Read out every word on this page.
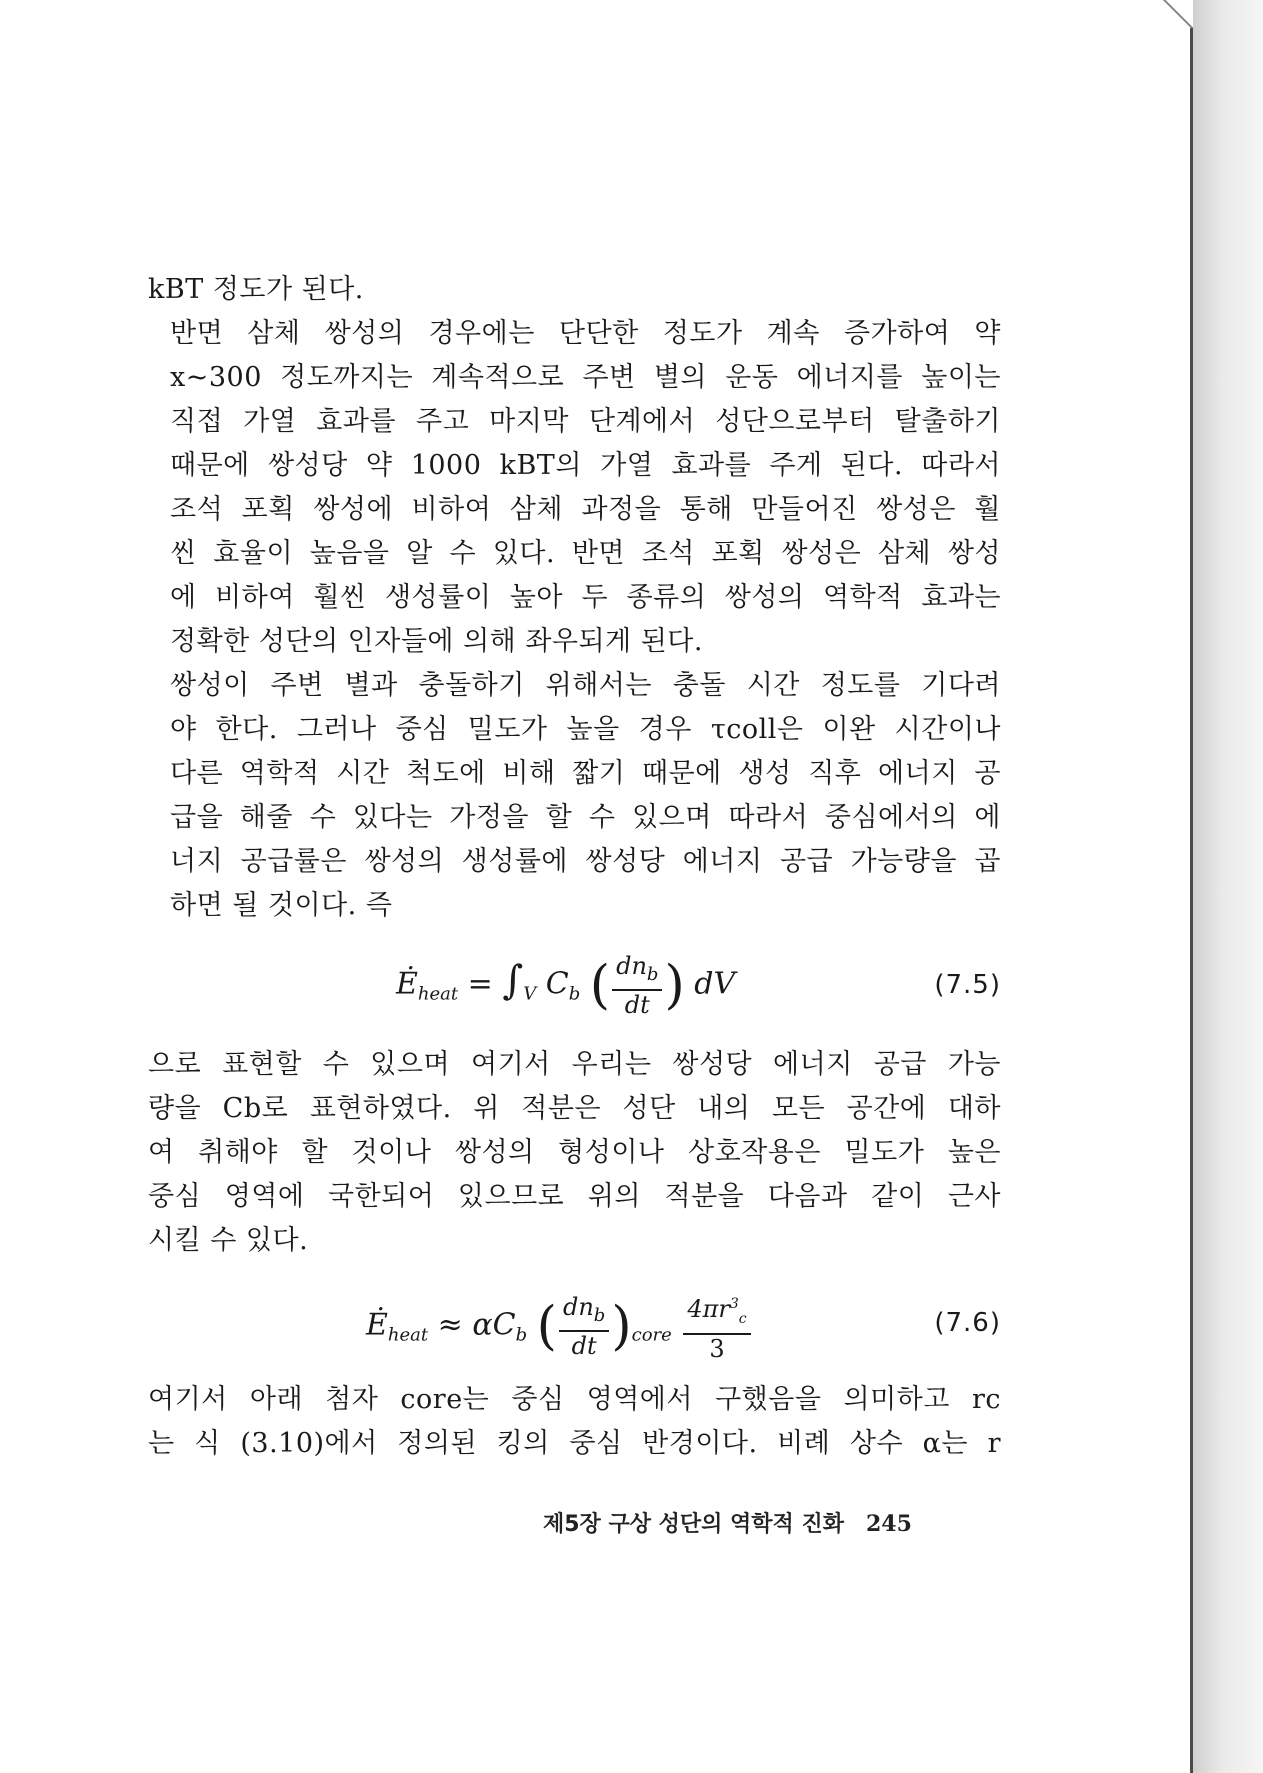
kBT 정도가 된다.

반면 삼체 쌍성의 경우에는 단단한 정도가 계속 증가하여 약
x~300 정도까지는 계속적으로 주변 별의 운동 에너지를 높이는
직접 가열 효과를 주고 마지막 단계에서 성단으로부터 탈출하기
때문에 쌍성당 약 1000 kBT의 가열 효과를 주게 된다. 따라서
조석 포획 쌍성에 비하여 삼체 과정을 통해 만들어진 쌍성은 훨
씬 효율이 높음을 알 수 있다. 반면 조석 포획 쌍성은 삼체 쌍성
에 비하여 훨씬 생성률이 높아 두 종류의 쌍성의 역학적 효과는
정확한 성단의 인자들에 의해 좌우되게 된다.

쌍성이 주변 별과 충돌하기 위해서는 충돌 시간 정도를 기다려
야 한다. 그러나 중심 밀도가 높을 경우 τcoll은 이완 시간이나
다른 역학적 시간 척도에 비해 짧기 때문에 생성 직후 에너지 공
급을 해줄 수 있다는 가정을 할 수 있으며 따라서 중심에서의 에
너지 공급률은 쌍성의 생성률에 쌍성당 에너지 공급 가능량을 곱
하면 될 것이다. 즉

$Ė_{heat} = \int_V$ $C_b$ ( $\frac{dn_b}{dt}$ ) dV	(7.5)

으로 표현할 수 있으며 여기서 우리는 쌍성당 에너지 공급 가능
량을 Cb로 표현하였다. 위 적분은 성단 내의 모든 공간에 대하
여 취해야 할 것이나 쌍성의 형성이나 상호작용은 밀도가 높은
중심 영역에 국한되어 있으므로 위의 적분을 다음과 같이 근사
시킬 수 있다.

$Ė_{heat} \approx \alpha C_b$ ( $\frac{dn_b}{dt} )_{core} \frac{4\pi r^3_c}{3}$	(7.6)

여기서 아래 첨자 core는 중심 영역에서 구했음을 의미하고 rc
는 식 (3.10)에서 정의된 킹의 중심 반경이다. 비례 상수 α는 r

제5장 구상 성단의 역학적 진화 245
